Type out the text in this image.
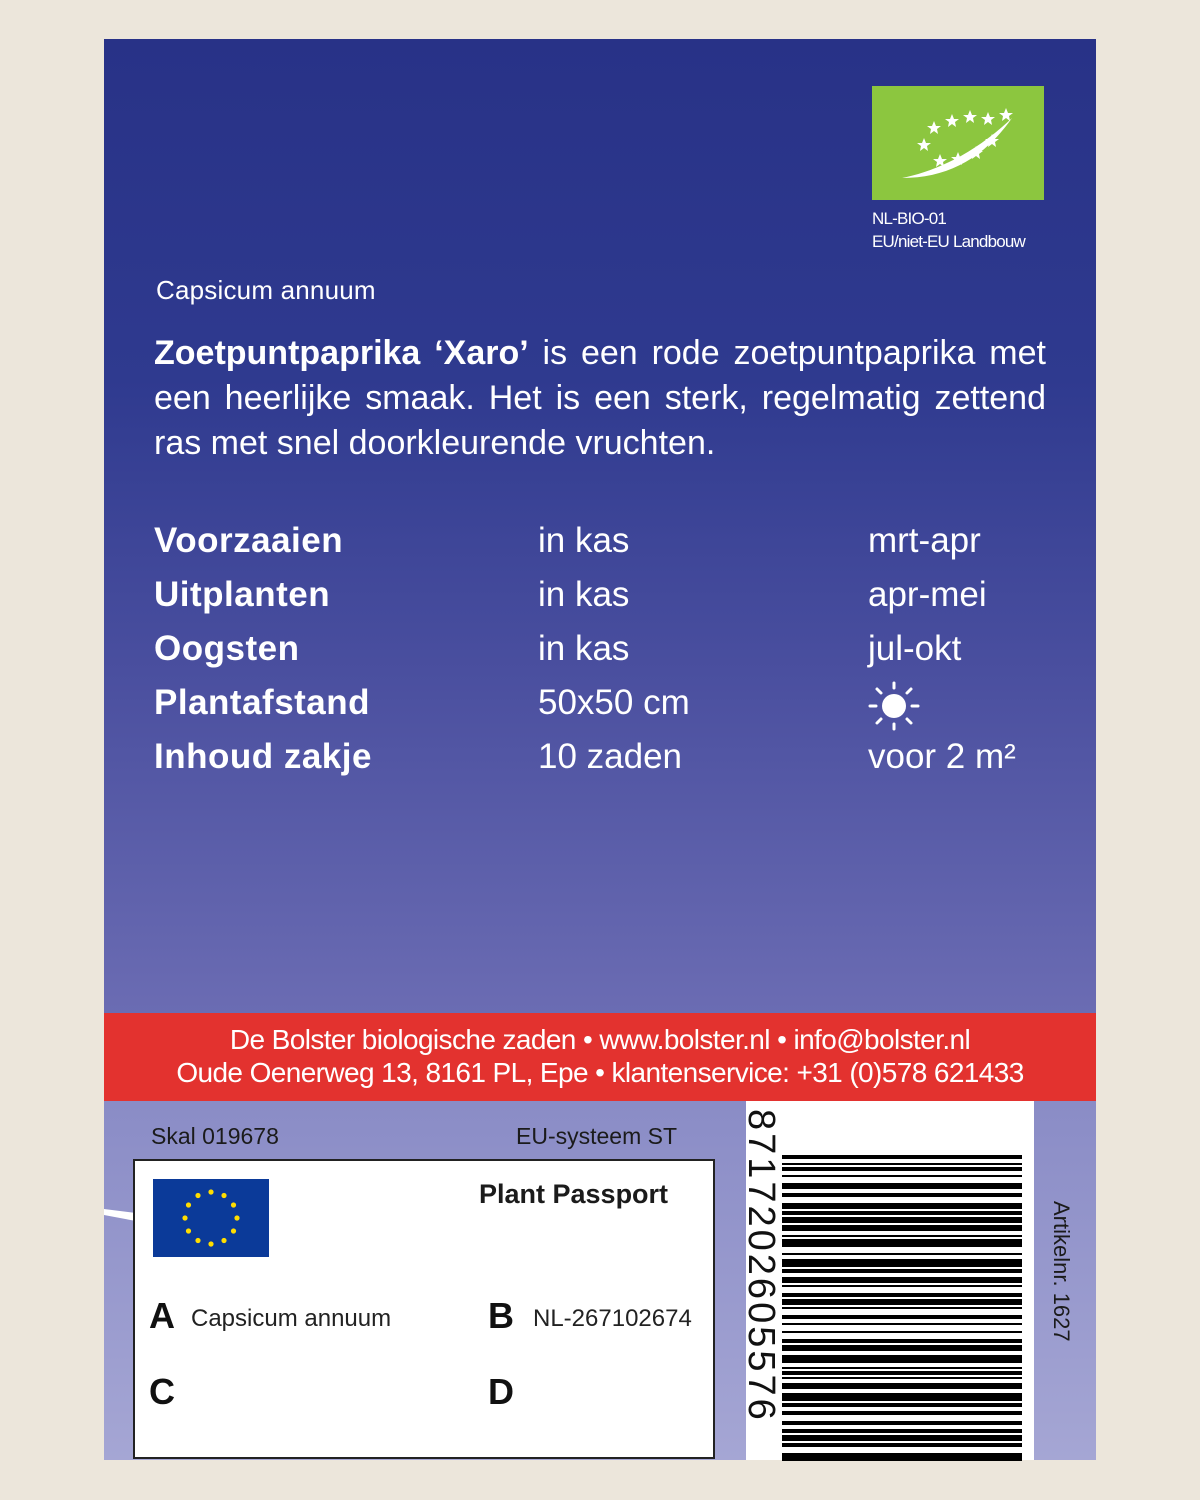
NL-BIO-01
EU/niet-EU Landbouw
Capsicum annuum
Zoetpuntpaprika ‘Xaro’ is een rode zoetpuntpaprika met een heerlijke smaak. Het is een sterk, regelmatig zettend ras met snel doorkleurende vruchten.
Voorzaaien	in kas	mrt-apr
Uitplanten	in kas	apr-mei
Oogsten	in kas	jul-okt
Plantafstand	50x50 cm
Inhoud zakje	10 zaden	voor 2 m²
De Bolster biologische zaden • www.bolster.nl • info@bolster.nl
Oude Oenerweg 13, 8161 PL, Epe • klantenservice: +31 (0)578 621433
Skal 019678	EU-systeem ST
Plant Passport
A Capsicum annuum	B NL-267102674
C	D	8717202605576	Artikelnr. 1627
